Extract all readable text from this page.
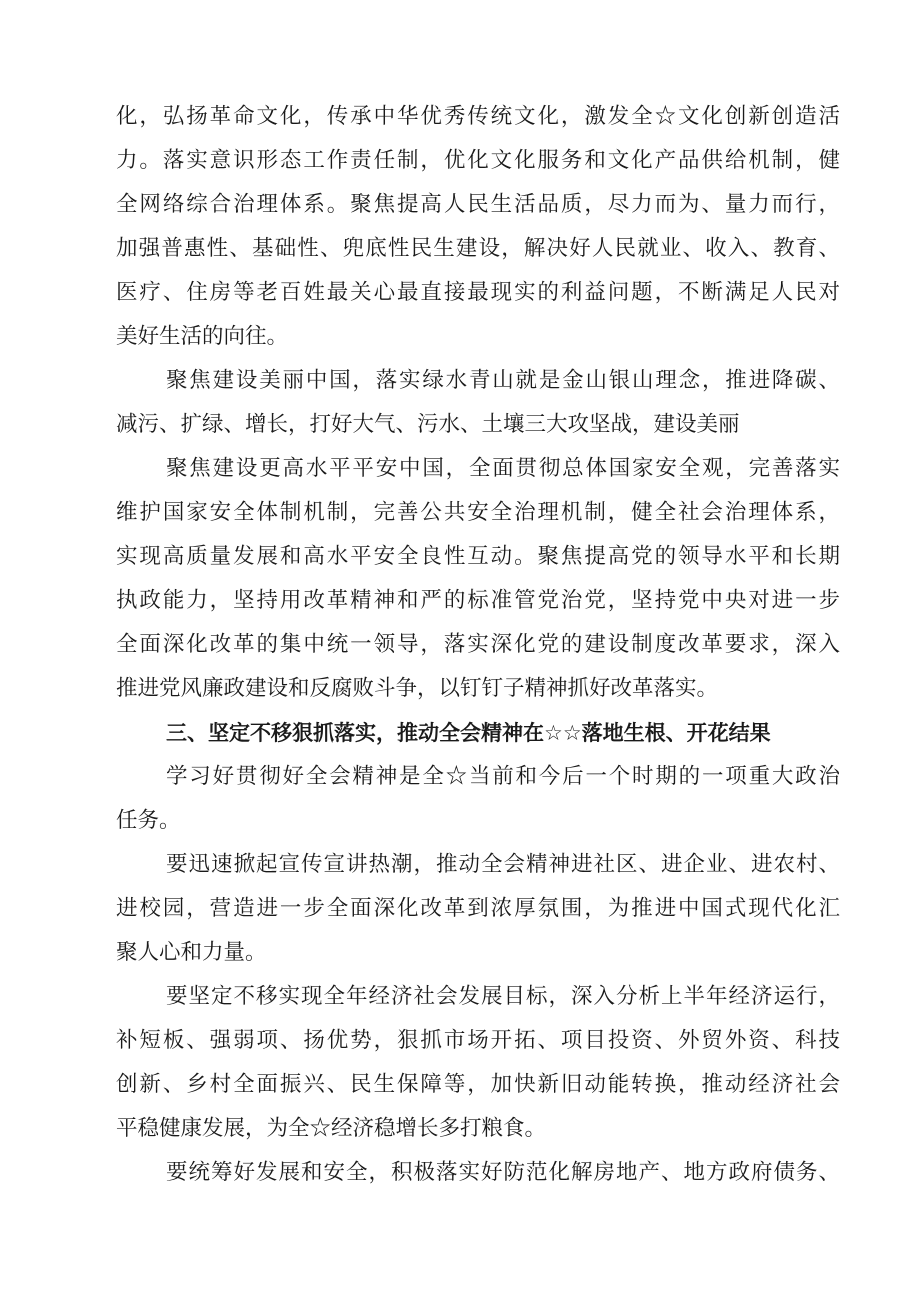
化，弘扬革命文化，传承中华优秀传统文化，激发全☆文化创新创造活
力。落实意识形态工作责任制，优化文化服务和文化产品供给机制，健
全网络综合治理体系。聚焦提高人民生活品质，尽力而为、量力而行，
加强普惠性、基础性、兜底性民生建设，解决好人民就业、收入、教育、
医疗、住房等老百姓最关心最直接最现实的利益问题，不断满足人民对
美好生活的向往。
聚焦建设美丽中国，落实绿水青山就是金山银山理念，推进降碳、
减污、扩绿、增长，打好大气、污水、土壤三大攻坚战，建设美丽
聚焦建设更高水平平安中国，全面贯彻总体国家安全观，完善落实
维护国家安全体制机制，完善公共安全治理机制，健全社会治理体系，
实现高质量发展和高水平安全良性互动。聚焦提高党的领导水平和长期
执政能力，坚持用改革精神和严的标准管党治党，坚持党中央对进一步
全面深化改革的集中统一领导，落实深化党的建设制度改革要求，深入
推进党风廉政建设和反腐败斗争，以钉钉子精神抓好改革落实。
三、坚定不移狠抓落实，推动全会精神在☆☆落地生根、开花结果
学习好贯彻好全会精神是全☆当前和今后一个时期的一项重大政治
任务。
要迅速掀起宣传宣讲热潮，推动全会精神进社区、进企业、进农村、
进校园，营造进一步全面深化改革到浓厚氛围，为推进中国式现代化汇
聚人心和力量。
要坚定不移实现全年经济社会发展目标，深入分析上半年经济运行，
补短板、强弱项、扬优势，狠抓市场开拓、项目投资、外贸外资、科技
创新、乡村全面振兴、民生保障等，加快新旧动能转换，推动经济社会
平稳健康发展，为全☆经济稳增长多打粮食。
要统筹好发展和安全，积极落实好防范化解房地产、地方政府债务、
